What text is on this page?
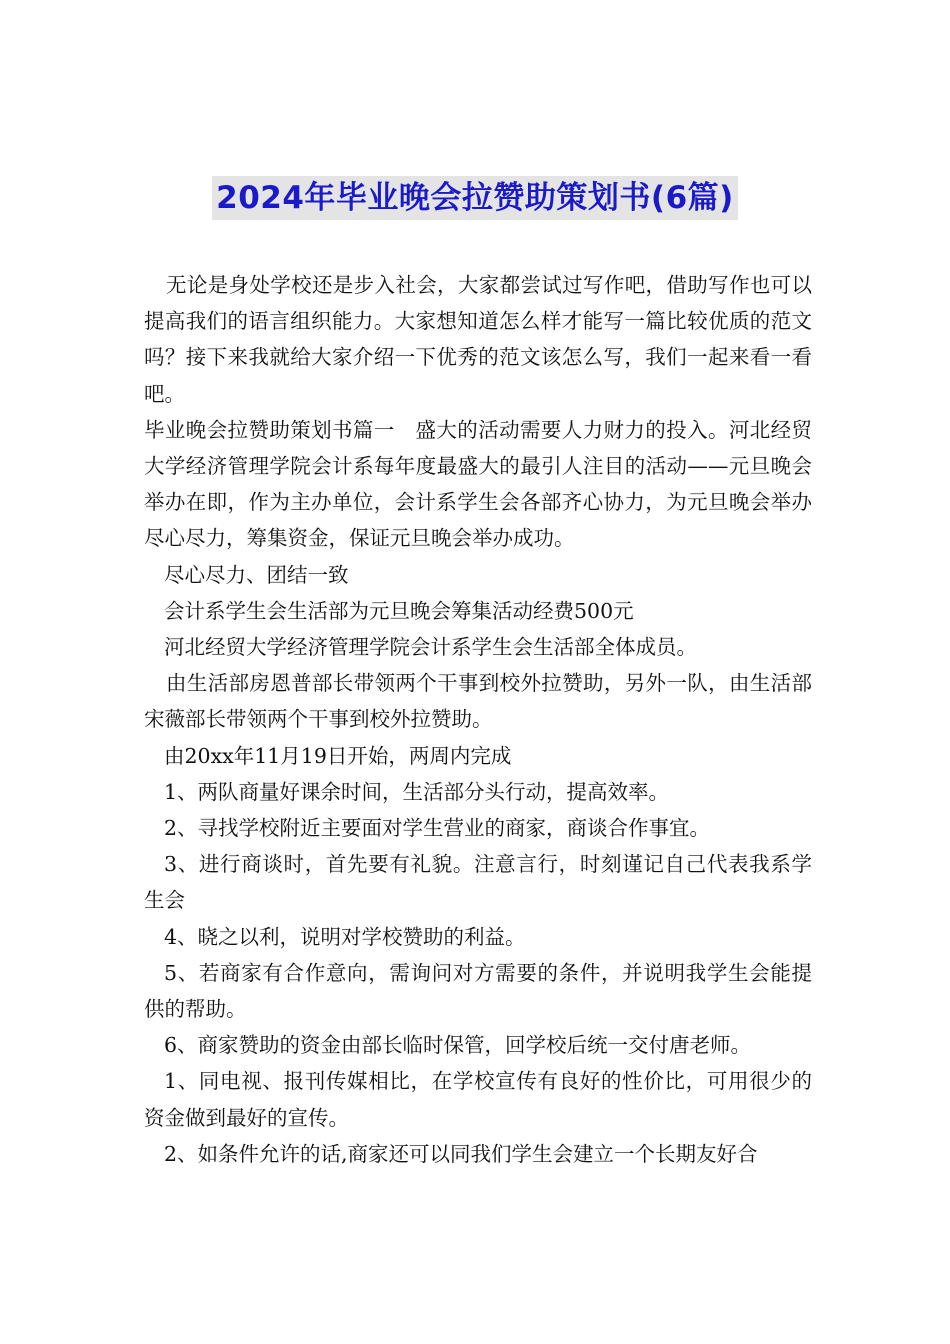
2024年毕业晚会拉赞助策划书(6篇)

无论是身处学校还是步入社会，大家都尝试过写作吧，借助写作也可以提高我们的语言组织能力。大家想知道怎么样才能写一篇比较优质的范文吗？接下来我就给大家介绍一下优秀的范文该怎么写，我们一起来看一看吧。

毕业晚会拉赞助策划书篇一　盛大的活动需要人力财力的投入。河北经贸大学经济管理学院会计系每年度最盛大的最引人注目的活动——元旦晚会举办在即，作为主办单位，会计系学生会各部齐心协力，为元旦晚会举办尽心尽力，筹集资金，保证元旦晚会举办成功。

尽心尽力、团结一致

会计系学生会生活部为元旦晚会筹集活动经费500元

河北经贸大学经济管理学院会计系学生会生活部全体成员。

由生活部房恩普部长带领两个干事到校外拉赞助，另外一队，由生活部宋薇部长带领两个干事到校外拉赞助。

由20xx年11月19日开始，两周内完成

1、两队商量好课余时间，生活部分头行动，提高效率。

2、寻找学校附近主要面对学生营业的商家，商谈合作事宜。

3、进行商谈时，首先要有礼貌。注意言行，时刻谨记自己代表我系学生会

4、晓之以利，说明对学校赞助的利益。

5、若商家有合作意向，需询问对方需要的条件，并说明我学生会能提供的帮助。

6、商家赞助的资金由部长临时保管，回学校后统一交付唐老师。

1、同电视、报刊传媒相比，在学校宣传有良好的性价比，可用很少的资金做到最好的宣传。

2、如条件允许的话,商家还可以同我们学生会建立一个长期友好合
